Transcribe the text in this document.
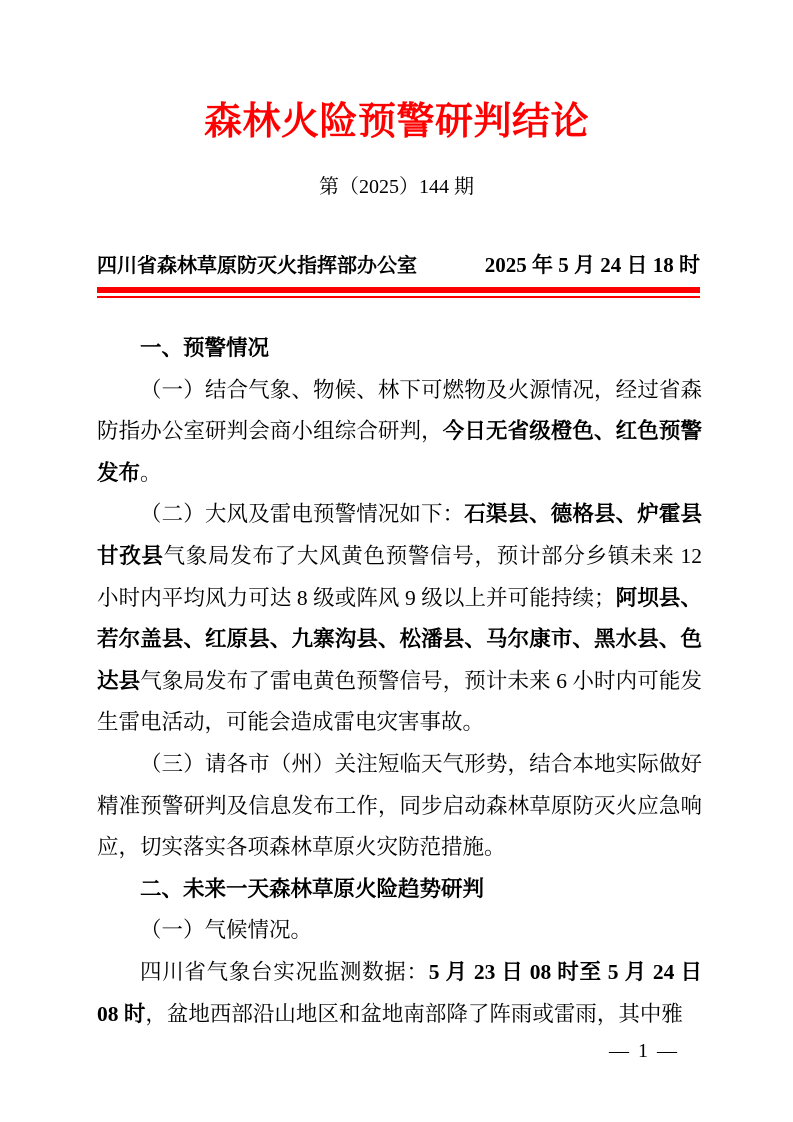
森林火险预警研判结论
第（2025）144 期
四川省森林草原防灭火指挥部办公室	2025 年 5 月 24 日 18 时

一、预警情况

（一）结合气象、物候、林下可燃物及火源情况，经过省森防指办公室研判会商小组综合研判，今日无省级橙色、红色预警发布。

（二）大风及雷电预警情况如下：石渠县、德格县、炉霍县甘孜县气象局发布了大风黄色预警信号，预计部分乡镇未来 12 小时内平均风力可达 8 级或阵风 9 级以上并可能持续；阿坝县、若尔盖县、红原县、九寨沟县、松潘县、马尔康市、黑水县、色达县气象局发布了雷电黄色预警信号，预计未来 6 小时内可能发生雷电活动，可能会造成雷电灾害事故。

（三）请各市（州）关注短临天气形势，结合本地实际做好精准预警研判及信息发布工作，同步启动森林草原防灭火应急响应，切实落实各项森林草原火灾防范措施。

二、未来一天森林草原火险趋势研判

（一）气候情况。

四川省气象台实况监测数据：5 月 23 日 08 时至 5 月 24 日 08 时，盆地西部沿山地区和盆地南部降了阵雨或雷雨，其中雅

— 1 —
